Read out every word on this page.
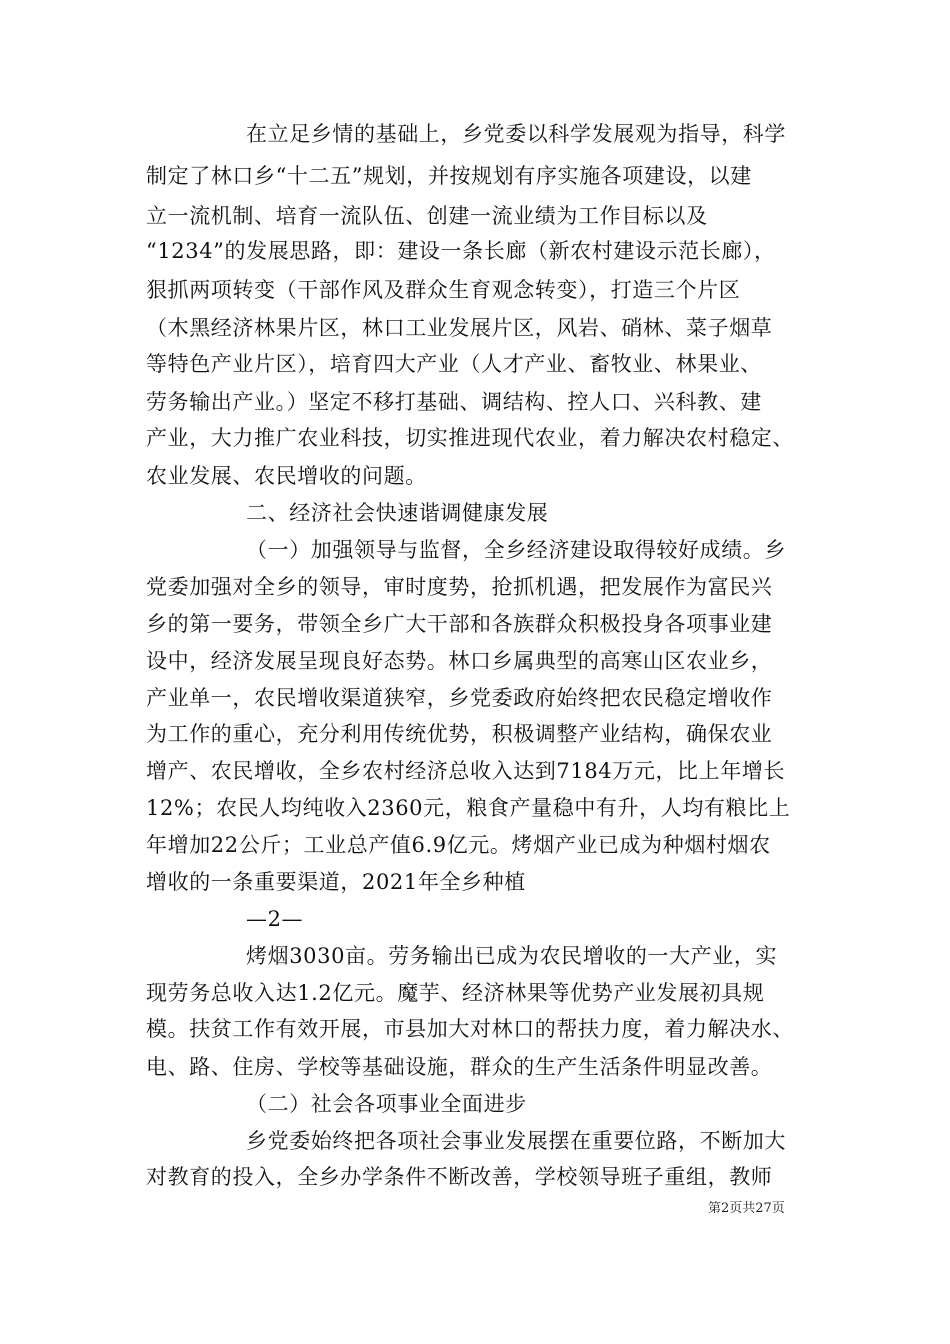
在立足乡情的基础上，乡党委以科学发展观为指导，科学
制定了林口乡“十二五”规划，并按规划有序实施各项建设，以建
立一流机制、培育一流队伍、创建一流业绩为工作目标以及
“1234”的发展思路，即：建设一条长廊（新农村建设示范长廊），
狠抓两项转变（干部作风及群众生育观念转变），打造三个片区
（木黑经济林果片区，林口工业发展片区，风岩、硝林、菜子烟草
等特色产业片区），培育四大产业（人才产业、畜牧业、林果业、
劳务输出产业。）坚定不移打基础、调结构、控人口、兴科教、建
产业，大力推广农业科技，切实推进现代农业，着力解决农村稳定、
农业发展、农民增收的问题。
二、经济社会快速谐调健康发展
（一）加强领导与监督，全乡经济建设取得较好成绩。乡
党委加强对全乡的领导，审时度势，抢抓机遇，把发展作为富民兴
乡的第一要务，带领全乡广大干部和各族群众积极投身各项事业建
设中，经济发展呈现良好态势。林口乡属典型的高寒山区农业乡，
产业单一，农民增收渠道狭窄，乡党委政府始终把农民稳定增收作
为工作的重心，充分利用传统优势，积极调整产业结构，确保农业
增产、农民增收，全乡农村经济总收入达到7184万元，比上年增长
12%；农民人均纯收入2360元，粮食产量稳中有升，人均有粮比上
年增加22公斤；工业总产值6.9亿元。烤烟产业已成为种烟村烟农
增收的一条重要渠道，2021年全乡种植
—2—
烤烟3030亩。劳务输出已成为农民增收的一大产业，实
现劳务总收入达1.2亿元。魔芋、经济林果等优势产业发展初具规
模。扶贫工作有效开展，市县加大对林口的帮扶力度，着力解决水、
电、路、住房、学校等基础设施，群众的生产生活条件明显改善。
（二）社会各项事业全面进步
乡党委始终把各项社会事业发展摆在重要位路，不断加大
对教育的投入，全乡办学条件不断改善，学校领导班子重组，教师
第2页共27页
